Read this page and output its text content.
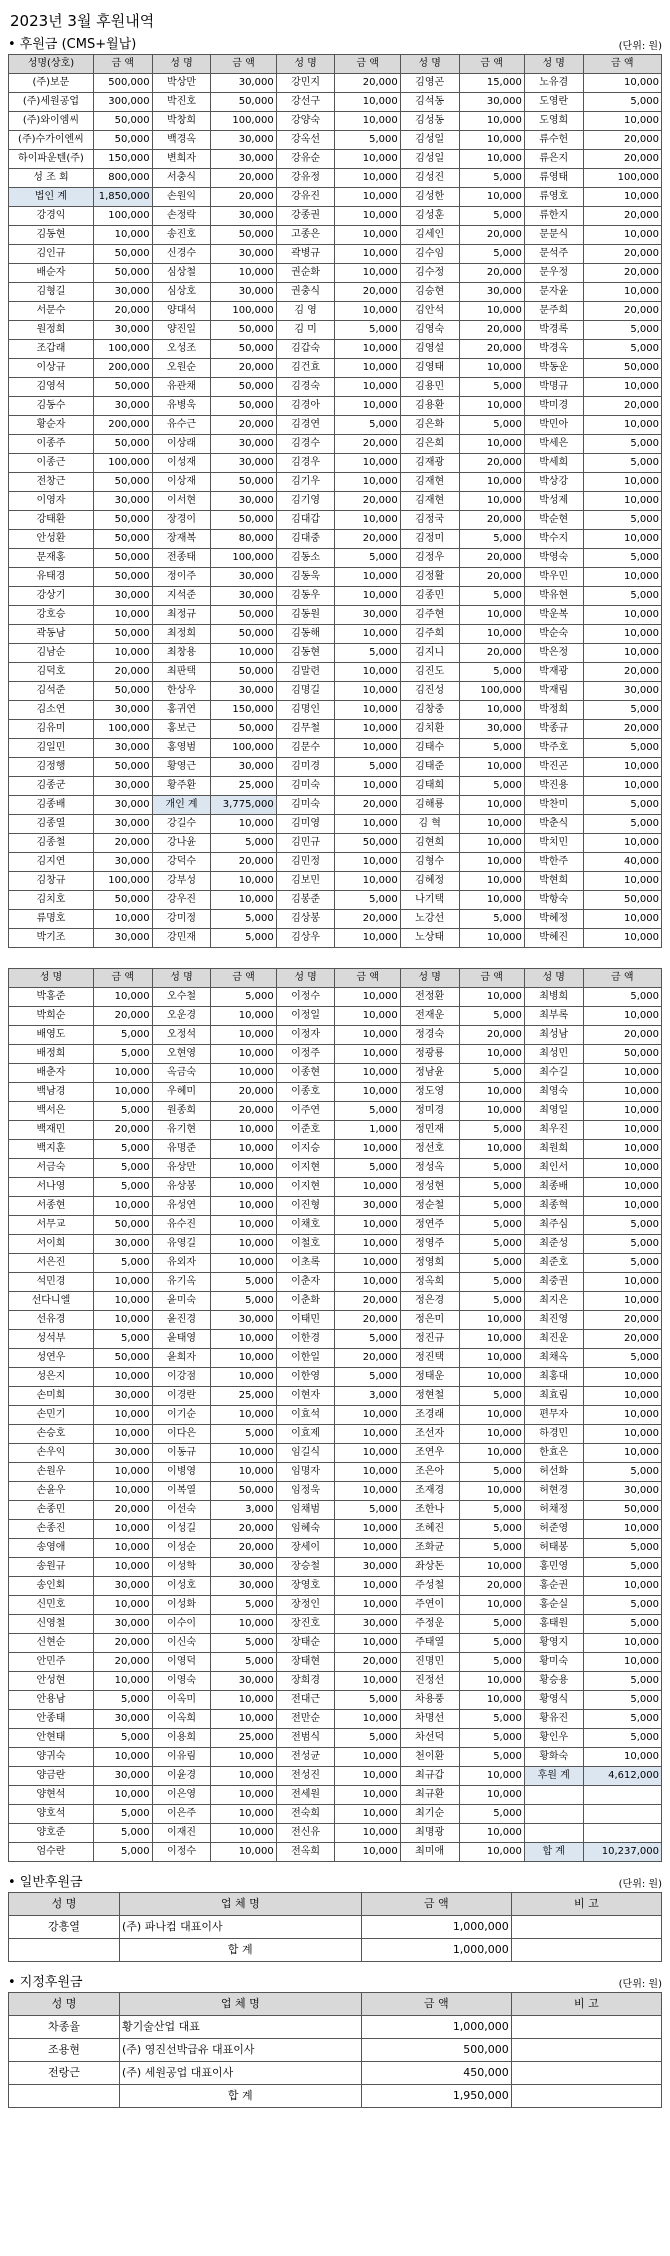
2023년 3월 후원내역
• 후원금 (CMS+월납)	(단위: 원)
성명(상호)	금 액	성 명	금 액	성 명	금 액	성 명	금 액	성 명	금 액
(주)보문	500,000	박상만	30,000	강민지	20,000	김영곤	15,000	노유겸	10,000
(주)세원공업	300,000	박진호	50,000	강선구	10,000	김석동	30,000	도영란	5,000
(주)와이엠씨	50,000	박창희	100,000	강양숙	10,000	김성동	10,000	도영희	10,000
(주)수가이엔씨	50,000	백경옥	30,000	강옥선	5,000	김성일	10,000	류수헌	20,000
하이파운텐(주)	150,000	변희자	30,000	강유순	10,000	김성일	10,000	류은지	20,000
성 조 회	800,000	서충식	20,000	강유정	10,000	김성진	5,000	류영태	100,000
법인 계	1,850,000	손원익	20,000	강유진	10,000	김성한	10,000	류영호	10,000
강경익	100,000	손정락	30,000	강종권	10,000	김성훈	5,000	류한지	20,000
김동현	10,000	송진호	50,000	고종은	10,000	김세인	20,000	문문식	10,000
김인규	50,000	신경수	30,000	곽병규	10,000	김수임	5,000	문석주	20,000
배순자	50,000	심상철	10,000	권순화	10,000	김수정	20,000	문우정	20,000
김형길	30,000	심상호	30,000	권충식	20,000	김승현	30,000	문자윤	10,000
서문수	20,000	양대석	100,000	김 영	10,000	김안석	10,000	문주희	20,000
원정희	30,000	양진일	50,000	김 미	5,000	김영숙	20,000	박경록	5,000
조갑래	100,000	오성조	50,000	김갑숙	10,000	김영설	20,000	박경옥	5,000
이상규	200,000	오원순	20,000	김건효	10,000	김영태	10,000	박동운	50,000
김영석	50,000	유관채	50,000	김경숙	10,000	김용민	5,000	박명규	10,000
김동수	30,000	유병욱	50,000	김경아	10,000	김용환	10,000	박미경	20,000
황순자	200,000	유수근	20,000	김경연	5,000	김은화	5,000	박민아	10,000
이종주	50,000	이상래	30,000	김경수	20,000	김은희	10,000	박세은	5,000
이종근	100,000	이성재	30,000	김경우	10,000	김재광	20,000	박세희	5,000
전창근	50,000	이상재	50,000	김기우	10,000	김재현	10,000	박상강	10,000
이영자	30,000	이서현	30,000	김기영	20,000	김재현	10,000	박성제	10,000
강태환	50,000	장경이	50,000	김대갑	10,000	김정국	20,000	박순현	5,000
안성환	50,000	장재복	80,000	김대중	20,000	김정미	5,000	박수지	10,000
문재홍	50,000	전종태	100,000	김동소	5,000	김정우	20,000	박영숙	5,000
유태경	50,000	정이주	30,000	김동욱	10,000	김정활	20,000	박우민	10,000
강상기	30,000	지석준	30,000	김동우	10,000	김종민	5,000	박유현	5,000
강호승	10,000	최정규	50,000	김동원	30,000	김주현	10,000	박운복	10,000
곽동남	50,000	최정희	50,000	김동해	10,000	김주희	10,000	박순숙	10,000
김남순	10,000	최창용	10,000	김동현	5,000	김지니	20,000	박은정	10,000
김덕호	20,000	최판택	50,000	김말련	10,000	김진도	5,000	박재광	20,000
김석준	50,000	한상우	30,000	김명길	10,000	김진성	100,000	박재림	30,000
김소연	30,000	홍귀연	150,000	김명인	10,000	김창중	10,000	박정희	5,000
김유미	100,000	홍보근	50,000	김무철	10,000	김치환	30,000	박종규	20,000
김일민	30,000	홍영범	100,000	김문수	10,000	김태수	5,000	박주호	5,000
김정행	50,000	황영근	30,000	김미경	5,000	김태준	10,000	박진곤	10,000
김종군	30,000	황주환	25,000	김미숙	10,000	김태희	5,000	박진용	10,000
김종배	30,000	개인 계	3,775,000	김미숙	20,000	김해룡	10,000	박찬미	5,000
김종열	30,000	강길수	10,000	김미영	10,000	김 혁	10,000	박춘식	5,000
김종철	20,000	강나윤	5,000	김민규	50,000	김현희	10,000	박치민	10,000
김지연	30,000	강덕수	20,000	김민정	10,000	김형수	10,000	박한주	40,000
김창규	100,000	강부성	10,000	김보민	10,000	김혜정	10,000	박현희	10,000
김치호	50,000	강우진	10,000	김봉준	5,000	나기택	10,000	박항숙	50,000
류명호	10,000	강미정	5,000	김상봉	20,000	노강선	5,000	박혜정	10,000
박기조	30,000	강민재	5,000	김상우	10,000	노상태	10,000	박혜진	10,000
성 명	금 액	성 명	금 액	성 명	금 액	성 명	금 액	성 명	금 액
박홍준	10,000	오수철	5,000	이정수	10,000	전정환	10,000	최병희	5,000
박희순	20,000	오운경	10,000	이정일	10,000	전재운	5,000	최부록	10,000
배영도	5,000	오정석	10,000	이정자	10,000	정경숙	20,000	최성남	20,000
배정희	5,000	오현영	10,000	이정주	10,000	정광룡	10,000	최성민	50,000
배춘자	10,000	옥금숙	10,000	이종현	10,000	정남윤	5,000	최수길	10,000
백남경	10,000	우혜미	20,000	이종호	10,000	정도영	10,000	최영숙	10,000
백서은	5,000	원종희	20,000	이주연	5,000	정미경	10,000	최영일	10,000
백재민	20,000	유기현	10,000	이준호	1,000	정민재	5,000	최우진	10,000
백지훈	5,000	유명준	10,000	이지승	10,000	정선호	10,000	최원희	10,000
서금숙	5,000	유상만	10,000	이지현	5,000	정성옥	5,000	최인서	10,000
서나영	5,000	유상봉	10,000	이지현	10,000	정성현	5,000	최종배	10,000
서종현	10,000	유성연	10,000	이진형	30,000	정순철	5,000	최종혁	10,000
서무교	50,000	유수진	10,000	이채호	10,000	정연주	5,000	최주심	5,000
서이희	30,000	유영길	10,000	이철호	10,000	정영주	5,000	최준성	5,000
서은진	5,000	유외자	10,000	이초록	10,000	정영희	5,000	최준호	5,000
석민경	10,000	유기옥	5,000	이춘자	10,000	정옥희	5,000	최중권	10,000
선다니엘	10,000	윤미숙	5,000	이춘화	20,000	정은경	5,000	최지은	10,000
선유경	10,000	윤진경	30,000	이태민	20,000	정은미	10,000	최진영	20,000
성석부	5,000	윤태영	10,000	이한경	5,000	정진규	10,000	최진운	20,000
성연우	50,000	윤희자	10,000	이한일	20,000	정진택	10,000	최채옥	5,000
성은지	10,000	이강점	10,000	이한영	5,000	정태운	10,000	최홍대	10,000
손미희	30,000	이경란	25,000	이현자	3,000	정현철	5,000	최효림	10,000
손민기	10,000	이기순	10,000	이효석	10,000	조경래	10,000	편무자	10,000
손승호	10,000	이다은	5,000	이효제	10,000	조선자	10,000	하경민	10,000
손우익	30,000	이동규	10,000	임길식	10,000	조연우	10,000	한효은	10,000
손원우	10,000	이병영	10,000	임명자	10,000	조은아	5,000	허선화	5,000
손윤우	10,000	이복열	50,000	임정욱	10,000	조재경	10,000	허현경	30,000
손종민	20,000	이선숙	3,000	임채범	5,000	조한나	5,000	허채정	50,000
손종진	10,000	이성길	20,000	임혜숙	10,000	조혜진	5,000	허준영	10,000
송영애	10,000	이성순	20,000	장세이	10,000	조화균	5,000	허태봉	5,000
송원규	10,000	이성학	30,000	장승철	30,000	좌상돈	10,000	홍민영	5,000
송인회	30,000	이성호	30,000	장영호	10,000	주성철	20,000	홍순권	10,000
신민호	10,000	이성화	5,000	장정인	10,000	주연이	10,000	홍순실	5,000
신영철	30,000	이수이	10,000	장진호	30,000	주정운	5,000	홍태원	5,000
신현순	20,000	이신숙	5,000	장태순	10,000	주태열	5,000	황영지	10,000
안민주	20,000	이영덕	5,000	장태현	20,000	진명민	5,000	황미숙	10,000
안성현	10,000	이영숙	30,000	장희경	10,000	진정선	10,000	황승용	5,000
안용남	5,000	이옥미	10,000	전대근	5,000	차용풍	10,000	황영식	5,000
안종태	30,000	이옥희	10,000	전만순	10,000	차명선	5,000	황유진	5,000
안현태	5,000	이용희	25,000	전범식	5,000	차선덕	5,000	황인우	5,000
양귀숙	10,000	이유림	10,000	전성균	10,000	천이환	5,000	황화숙	10,000
양금란	30,000	이윤경	10,000	전성진	10,000	최규갑	10,000	후원 계	4,612,000
양현석	10,000	이은영	10,000	전세원	10,000	최규환	10,000		
양호석	5,000	이은주	10,000	전숙희	10,000	최기순	5,000		
양호준	5,000	이재진	10,000	전신유	10,000	최명광	10,000		
엄수란	5,000	이정수	10,000	전옥희	10,000	최미애	10,000	합 계	10,237,000
• 일반후원금	(단위: 원)
성 명	업 체 명	금 액	비 고
강흥열	(주) 파나컴 대표이사	1,000,000	
	합 계	1,000,000	
• 지정후원금	(단위: 원)
성 명	업 체 명	금 액	비 고
차종율	황기술산업 대표	1,000,000	
조용현	(주) 영진선박급유 대표이사	500,000	
전랑근	(주) 세원공업 대표이사	450,000	
	합 계	1,950,000	
